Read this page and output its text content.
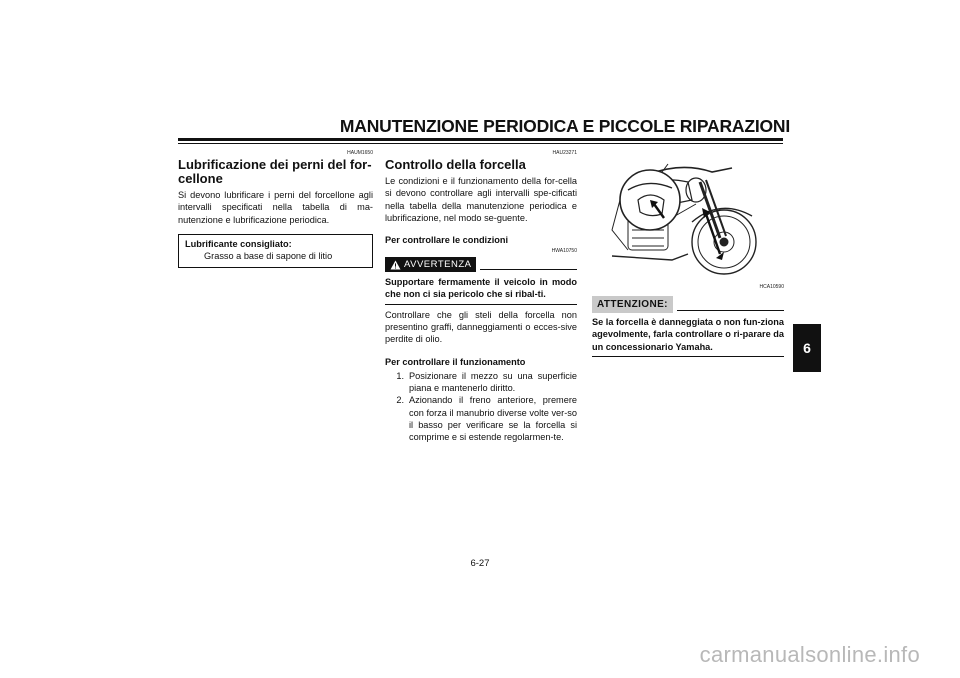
MANUTENZIONE PERIODICA E PICCOLE RIPARAZIONI
6
HAUM1650
Lubrificazione dei perni del for-cellone

Si devono lubrificare i perni del forcellone agli intervalli specificati nella tabella di ma-nutenzione e lubrificazione periodica.

Lubrificante consigliato:
Grasso a base di sapone di litio
HAU23271
Controllo della forcella

Le condizioni e il funzionamento della for-cella si devono controllare agli intervalli spe-cificati nella tabella della manutenzione periodica e lubrificazione, nel modo se-guente.

Per controllare le condizioni
HWA10750
AVVERTENZA

Supportare fermamente il veicolo in modo che non ci sia pericolo che si ribal-ti.

Controllare che gli steli della forcella non presentino graffi, danneggiamenti o ecces-sive perdite di olio.

Per controllare il funzionamento
1. Posizionare il mezzo su una superficie piana e mantenerlo diritto.
2. Azionando il freno anteriore, premere con forza il manubrio diverse volte ver-so il basso per verificare se la forcella si comprime e si estende regolarmen-te.
HCA10590
ATTENZIONE:

Se la forcella è danneggiata o non fun-ziona agevolmente, farla controllare o ri-parare da un concessionario Yamaha.

6-27
carmanualsonline.info
